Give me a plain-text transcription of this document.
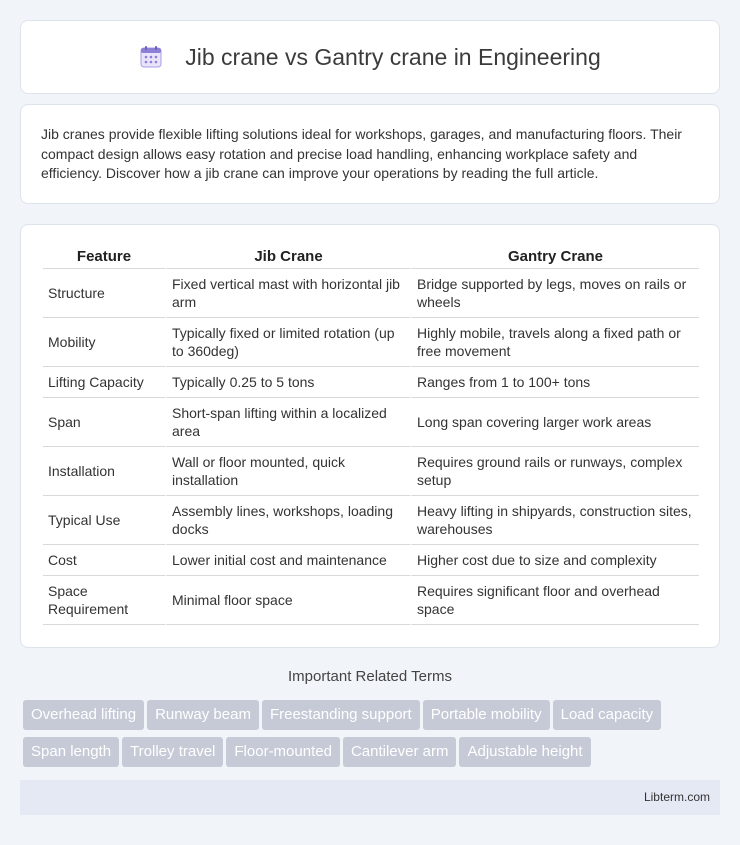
Jib crane vs Gantry crane in Engineering

Jib cranes provide flexible lifting solutions ideal for workshops, garages, and manufacturing floors. Their compact design allows easy rotation and precise load handling, enhancing workplace safety and efficiency. Discover how a jib crane can improve your operations by reading the full article.

Feature	Jib Crane	Gantry Crane
Structure	Fixed vertical mast with horizontal jib arm	Bridge supported by legs, moves on rails or wheels
Mobility	Typically fixed or limited rotation (up to 360deg)	Highly mobile, travels along a fixed path or free movement
Lifting Capacity	Typically 0.25 to 5 tons	Ranges from 1 to 100+ tons
Span	Short-span lifting within a localized area	Long span covering larger work areas
Installation	Wall or floor mounted, quick installation	Requires ground rails or runways, complex setup
Typical Use	Assembly lines, workshops, loading docks	Heavy lifting in shipyards, construction sites, warehouses
Cost	Lower initial cost and maintenance	Higher cost due to size and complexity
Space Requirement	Minimal floor space	Requires significant floor and overhead space
Important Related Terms
Overhead lifting Runway beam Freestanding support Portable mobility Load capacity
Span length Trolley travel Floor-mounted Cantilever arm Adjustable height
Libterm.com
